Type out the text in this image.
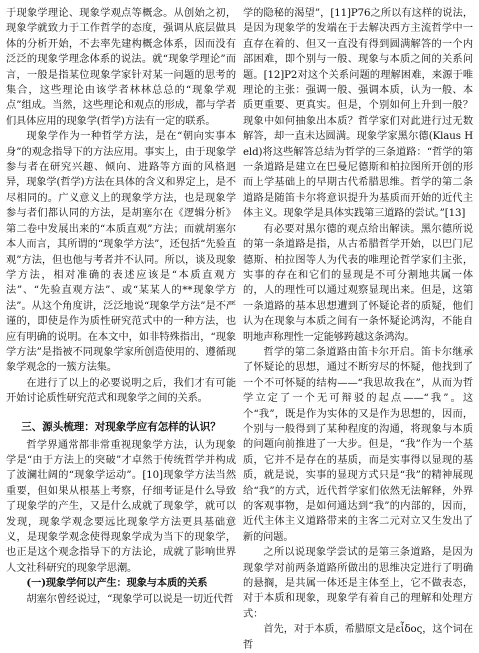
于现象学理论、现象学观点等概念。从创始之初，现象学就致力于工作哲学的态度，强调从底层做具体的分析开始，不去率先建构概念体系，因而没有泛泛的现象学理念体系的说法。就“现象学理论”而言，一般是指某位现象学家针对某一问题的思考的集合，这些理论由该学者林林总总的“现象学观点”组成。当然，这些理论和观点的形成，都与学者们具体应用的现象学(哲学)方法有一定的联系。

现象学作为一种哲学方法，是在“朝向实事本身”的观念指导下的方法应用。事实上，由于现象学参与者在研究兴趣、倾向、进路等方面的风格迥异，现象学(哲学)方法在具体的含义和界定上，是不尽相同的。广义意义上的现象学方法，也是现象学参与者们都认同的方法，是胡塞尔在《逻辑分析》第二卷中发展出来的“本质直观”方法；而就胡塞尔本人而言，其所谓的“现象学方法”，还包括“先验直观”方法，但也他与考者并不认同。所以，谈及现象学方法，相对准确的表述应该是“本质直观方法”、“先验直观方法”、或“某某人的**现象学方法”。从这个角度讲，泛泛地说“现象学方法”是不严谨的，即使是作为质性研究范式中的一种方法，也应有明确的说明。在本文中，如非特殊指出，“现象学方法”是指被不同现象学家所创造使用的、遵循现象学观念的一簇方法集。

在进行了以上的必要说明之后，我们才有可能开始讨论质性研究范式和现象学之间的关系。

三、源头梳理：对现象学应有怎样的认识？

哲学界通常都非常重视现象学方法，认为现象学是“由于方法上的突破”才卓然于传统哲学并构成了波澜壮阔的“现象学运动”。[10]现象学方法当然重要，但如果从根基上考察，仔细考证是什么导致了现象学的产生，又是什么成就了现象学，就可以发现，现象学观念要远比现象学方法更具基础意义，是现象学观念使得现象学成为当下的现象学，也正是这个观念指导下的方法论，成就了影响世界人文社科研究的现象学思潮。

(一)现象学何以产生：现象与本质的关系

胡塞尔曾经说过，“现象学可以说是一切近代哲

学的隐秘的渴望”，[11]P76之所以有这样的说法，是因为现象学的发端在于去解决西方主流哲学中一直存在着的、但又一直没有得到圆满解答的一个内部困难，即个别与一般、现象与本质之间的关系问题。[12]P2对这个关系问题的理解困难，来源于唯理论的主张：强调一般、强调本质，认为一般、本质更重要、更真实。但是，个别如何上升到一般？现象中如何抽象出本质？哲学家们对此进行过无数解答，却一直未达圆满。现象学家黑尔德(Klaus Held)将这些解答总结为哲学的三条道路：“哲学的第一条道路是建立在巴曼尼德斯和柏拉图所开创的形而上学基础上的早期古代希腊思维。哲学的第二条道路是随笛卡尔将意识提升为基质而开始的近代主体主义。现象学是具体实践第三道路的尝试。”[13]

有必要对黑尔德的观点给出解读。黑尔德所说的第一条道路是指，从古希腊哲学开始，以巴门尼德斯、柏拉图等人为代表的唯理论哲学家们主张，实事的存在和它们的显现是不可分割地共属一体的，人的理性可以通过观察显现出来。但是，这第一条道路的基本思想遭到了怀疑论者的质疑，他们认为在现象与本质之间有一条怀疑论鸿沟，不能自明地声称理性一定能够跨越这条鸿沟。

哲学的第二条道路由笛卡尔开启。笛卡尔继承了怀疑论的思想，通过不断穷尽的怀疑，他找到了一个不可怀疑的结构——“我思故我在”，从而为哲学立定了一个无可辩驳的起点——“我”。这个“我”，既是作为实体的又是作为思想的，因而，个别与一般得到了某种程度的沟通，将现象与本质的问题向前推进了一大步。但是，“我”作为一个基质，它并不是存在的基质，而是实事得以显现的基质，就是说，实事的显现方式只是“我”的精神展现给“我”的方式，近代哲学家们依然无法解释，外界的客观事物，是如何通达到“我”的内部的，因而，近代主体主义道路带来的主客二元对立又生发出了新的问题。

之所以说现象学尝试的是第三条道路，是因为现象学对前两条道路所做出的思维决定进行了明确的悬搁，是共属一体还是主体至上，它不做表态，对于本质和现象，现象学有着自己的理解和处理方式：

首先，对于本质，希腊原文是εἶδος，这个词在哲
